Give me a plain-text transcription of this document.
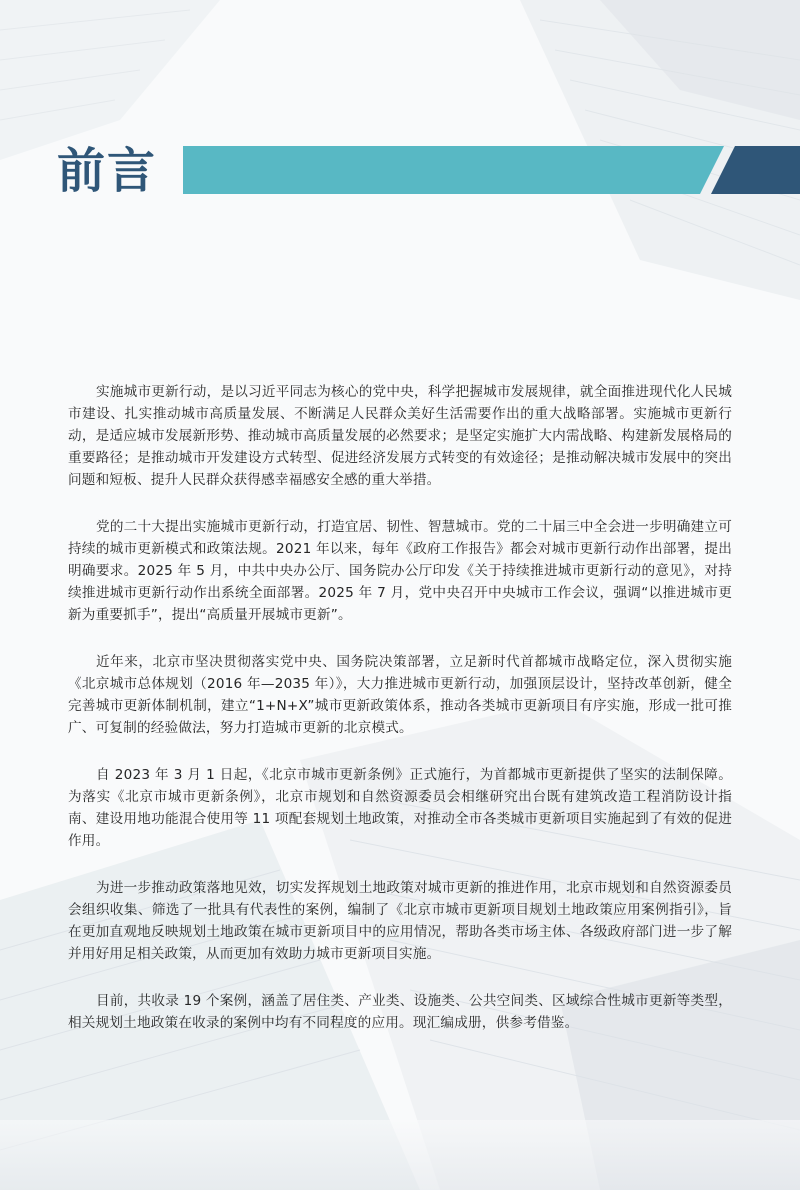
前言

实施城市更新行动，是以习近平同志为核心的党中央，科学把握城市发展规律，就全面推进现代化人民城市建设、扎实推动城市高质量发展、不断满足人民群众美好生活需要作出的重大战略部署。实施城市更新行动，是适应城市发展新形势、推动城市高质量发展的必然要求；是坚定实施扩大内需战略、构建新发展格局的重要路径；是推动城市开发建设方式转型、促进经济发展方式转变的有效途径；是推动解决城市发展中的突出问题和短板、提升人民群众获得感幸福感安全感的重大举措。

党的二十大提出实施城市更新行动，打造宜居、韧性、智慧城市。党的二十届三中全会进一步明确建立可持续的城市更新模式和政策法规。2021 年以来，每年《政府工作报告》都会对城市更新行动作出部署，提出明确要求。2025 年 5 月，中共中央办公厅、国务院办公厅印发《关于持续推进城市更新行动的意见》，对持续推进城市更新行动作出系统全面部署。2025 年 7 月，党中央召开中央城市工作会议，强调“以推进城市更新为重要抓手”，提出“高质量开展城市更新”。

近年来，北京市坚决贯彻落实党中央、国务院决策部署，立足新时代首都城市战略定位，深入贯彻实施《北京城市总体规划（2016 年—2035 年）》，大力推进城市更新行动，加强顶层设计，坚持改革创新，健全完善城市更新体制机制，建立“1+N+X”城市更新政策体系，推动各类城市更新项目有序实施，形成一批可推广、可复制的经验做法，努力打造城市更新的北京模式。

自 2023 年 3 月 1 日起，《北京市城市更新条例》正式施行，为首都城市更新提供了坚实的法制保障。为落实《北京市城市更新条例》，北京市规划和自然资源委员会相继研究出台既有建筑改造工程消防设计指南、建设用地功能混合使用等 11 项配套规划土地政策，对推动全市各类城市更新项目实施起到了有效的促进作用。

为进一步推动政策落地见效，切实发挥规划土地政策对城市更新的推进作用，北京市规划和自然资源委员会组织收集、筛选了一批具有代表性的案例，编制了《北京市城市更新项目规划土地政策应用案例指引》，旨在更加直观地反映规划土地政策在城市更新项目中的应用情况，帮助各类市场主体、各级政府部门进一步了解并用好用足相关政策，从而更加有效助力城市更新项目实施。

目前，共收录 19 个案例，涵盖了居住类、产业类、设施类、公共空间类、区域综合性城市更新等类型，相关规划土地政策在收录的案例中均有不同程度的应用。现汇编成册，供参考借鉴。
